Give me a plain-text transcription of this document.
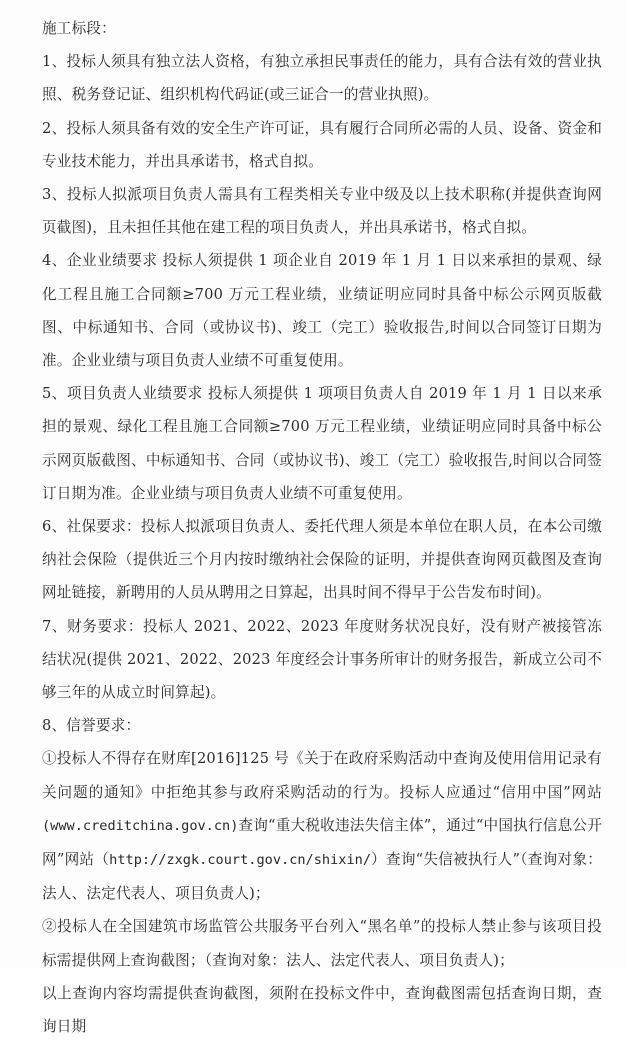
施工标段：

1、投标人须具有独立法人资格，有独立承担民事责任的能力，具有合法有效的营业执照、税务登记证、组织机构代码证(或三证合一的营业执照)。

2、投标人须具备有效的安全生产许可证，具有履行合同所必需的人员、设备、资金和专业技术能力，并出具承诺书，格式自拟。

3、投标人拟派项目负责人需具有工程类相关专业中级及以上技术职称(并提供查询网页截图)，且未担任其他在建工程的项目负责人，并出具承诺书，格式自拟。

4、企业业绩要求 投标人须提供 1 项企业自 2019 年 1 月 1 日以来承担的景观、绿化工程且施工合同额≥700 万元工程业绩，业绩证明应同时具备中标公示网页版截图、中标通知书、合同（或协议书)、竣工（完工）验收报告,时间以合同签订日期为准。企业业绩与项目负责人业绩不可重复使用。

5、项目负责人业绩要求 投标人须提供 1 项项目负责人自 2019 年 1 月 1 日以来承担的景观、绿化工程且施工合同额≥700 万元工程业绩，业绩证明应同时具备中标公示网页版截图、中标通知书、合同（或协议书)、竣工（完工）验收报告,时间以合同签订日期为准。企业业绩与项目负责人业绩不可重复使用。

6、社保要求：投标人拟派项目负责人、委托代理人须是本单位在职人员，在本公司缴纳社会保险（提供近三个月内按时缴纳社会保险的证明，并提供查询网页截图及查询网址链接，新聘用的人员从聘用之日算起，出具时间不得早于公告发布时间)。

7、财务要求：投标人 2021、2022、2023 年度财务状况良好，没有财产被接管冻结状况(提供 2021、2022、2023 年度经会计事务所审计的财务报告，新成立公司不够三年的从成立时间算起)。

8、信誉要求：

①投标人不得存在财库[2016]125 号《关于在政府采购活动中查询及使用信用记录有关问题的通知》中拒绝其参与政府采购活动的行为。投标人应通过“信用中国”网站(www.creditchina.gov.cn)查询“重大税收违法失信主体”，通过“中国执行信息公开网”网站（http://zxgk.court.gov.cn/shixin/）查询“失信被执行人”（查询对象：法人、法定代表人、项目负责人)；

②投标人在全国建筑市场监管公共服务平台列入“黑名单”的投标人禁止参与该项目投标需提供网上查询截图；（查询对象：法人、法定代表人、项目负责人)；

以上查询内容均需提供查询截图，须附在投标文件中，查询截图需包括查询日期，查询日期
